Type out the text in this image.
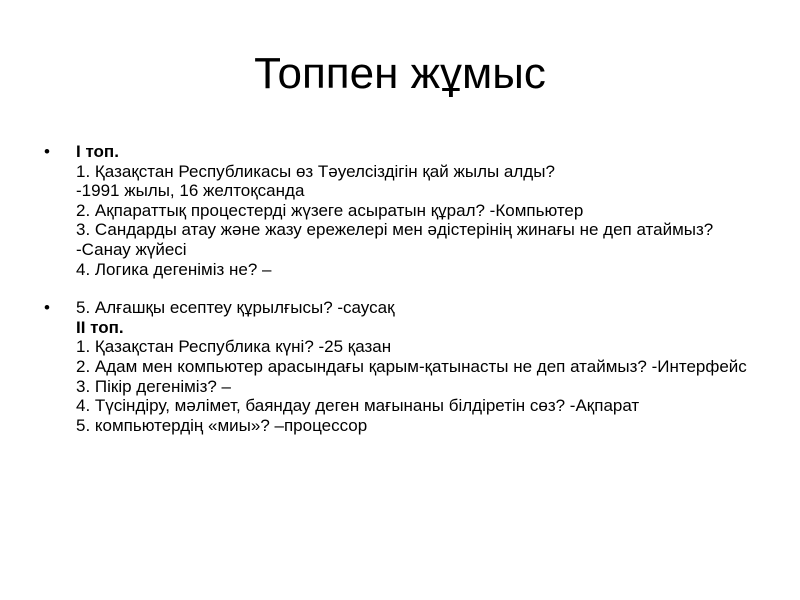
Топпен жұмыс
• І топ.
1. Қазақстан Республикасы өз Тәуелсіздігін қай жылы алды?
-1991 жылы, 16 желтоқсанда
2. Ақпараттық процестерді жүзеге асыратын құрал? -Компьютер
3. Сандарды атау және жазу ережелері мен әдістерінің жинағы не деп атаймыз? -Санау жүйесі
4. Логика дегеніміз не? –
• 5. Алғашқы есептеу құрылғысы? -саусақ
ІІ топ.
1. Қазақстан Республика күні? -25 қазан
2. Адам мен компьютер арасындағы қарым-қатынасты не деп атаймыз? -Интерфейс
3. Пікір дегеніміз? –
4. Түсіндіру, мәлімет, баяндау деген мағынаны білдіретін сөз? -Ақпарат
5. компьютердің «миы»? –процессор
